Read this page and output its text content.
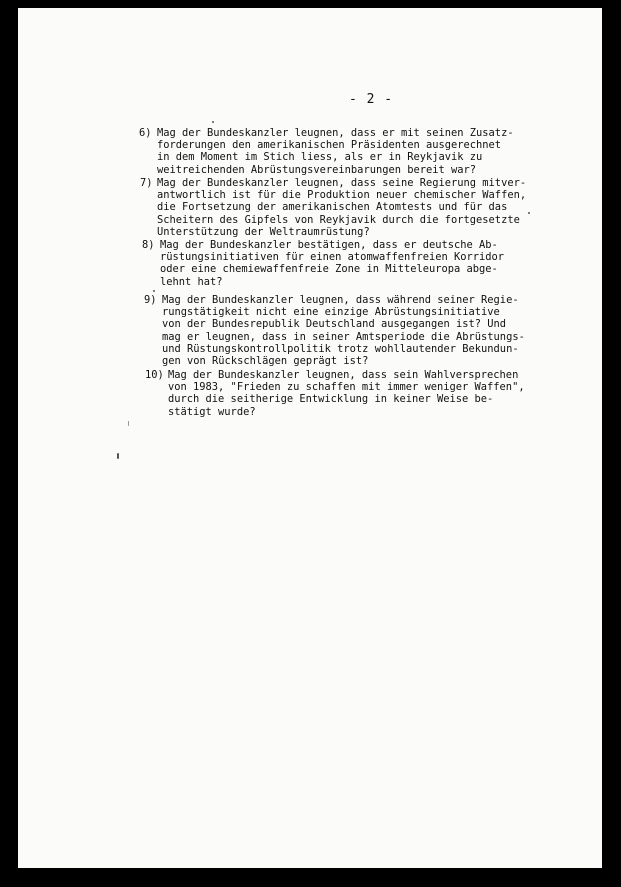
- 2 -
6) Mag der Bundeskanzler leugnen, dass er mit seinen Zusatz-
forderungen den amerikanischen Präsidenten ausgerechnet
in dem Moment im Stich liess, als er in Reykjavik zu
weitreichenden Abrüstungsvereinbarungen bereit war?
7) Mag der Bundeskanzler leugnen, dass seine Regierung mitver-
antwortlich ist für die Produktion neuer chemischer Waffen,
die Fortsetzung der amerikanischen Atomtests und für das
Scheitern des Gipfels von Reykjavik durch die fortgesetzte
Unterstützung der Weltraumrüstung?
8) Mag der Bundeskanzler bestätigen, dass er deutsche Ab-
rüstungsinitiativen für einen atomwaffenfreien Korridor
oder eine chemiewaffenfreie Zone in Mitteleuropa abge-
lehnt hat?
9) Mag der Bundeskanzler leugnen, dass während seiner Regie-
rungstätigkeit nicht eine einzige Abrüstungsinitiative
von der Bundesrepublik Deutschland ausgegangen ist? Und
mag er leugnen, dass in seiner Amtsperiode die Abrüstungs-
und Rüstungskontrollpolitik trotz wohllautender Bekundun-
gen von Rückschlägen geprägt ist?
10) Mag der Bundeskanzler leugnen, dass sein Wahlversprechen
von 1983, "Frieden zu schaffen mit immer weniger Waffen",
durch die seitherige Entwicklung in keiner Weise be-
stätigt wurde?
